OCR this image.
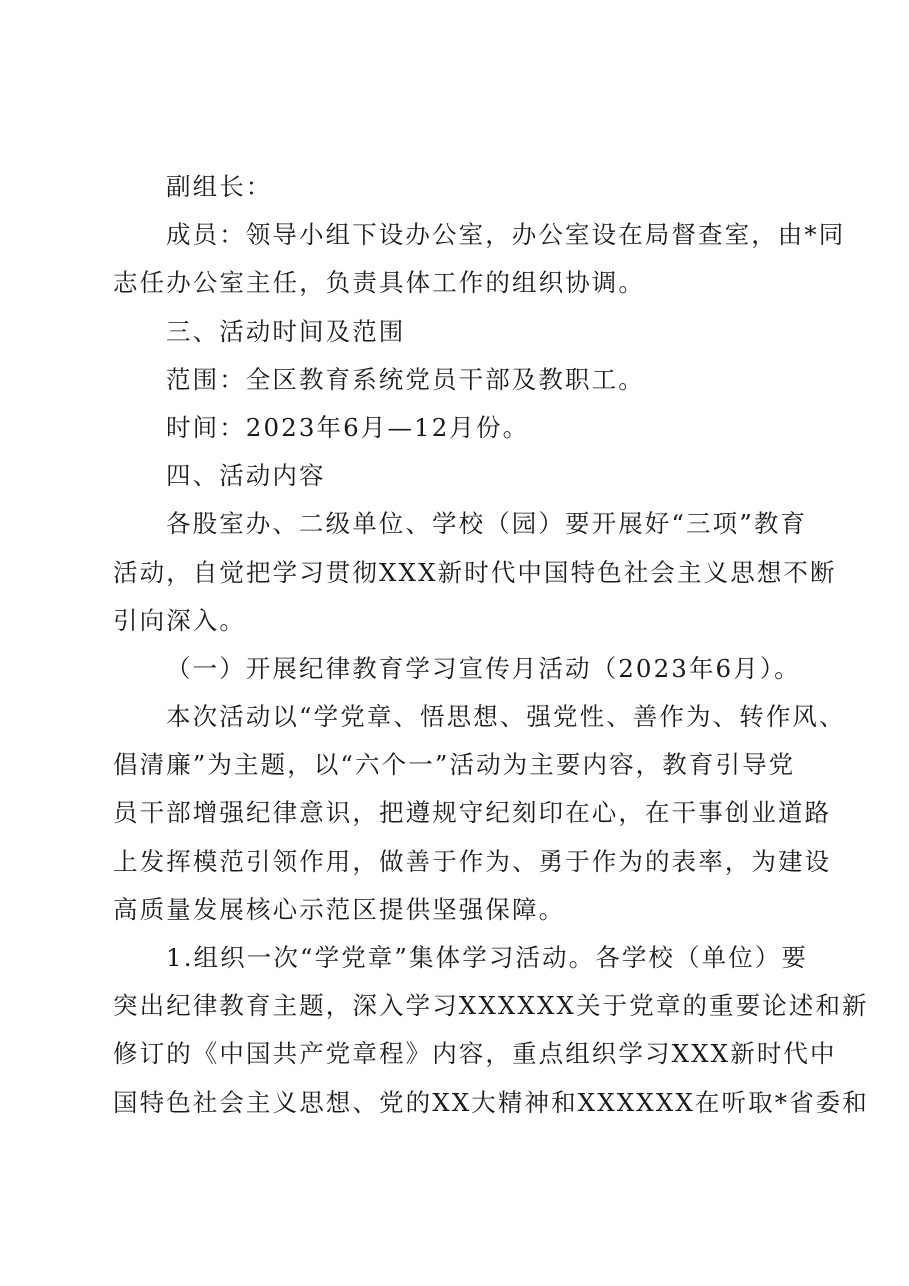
副组长：
成员：领导小组下设办公室，办公室设在局督查室，由*同
志任办公室主任，负责具体工作的组织协调。
三、活动时间及范围
范围：全区教育系统党员干部及教职工。
时间：2023年6月—12月份。
四、活动内容
各股室办、二级单位、学校（园）要开展好“三项”教育
活动，自觉把学习贯彻XXX新时代中国特色社会主义思想不断
引向深入。
（一）开展纪律教育学习宣传月活动（2023年6月）。
本次活动以“学党章、悟思想、强党性、善作为、转作风、
倡清廉”为主题，以“六个一”活动为主要内容，教育引导党
员干部增强纪律意识，把遵规守纪刻印在心，在干事创业道路
上发挥模范引领作用，做善于作为、勇于作为的表率，为建设
高质量发展核心示范区提供坚强保障。
1.组织一次“学党章”集体学习活动。各学校（单位）要
突出纪律教育主题，深入学习XXXXXX关于党章的重要论述和新
修订的《中国共产党章程》内容，重点组织学习XXX新时代中
国特色社会主义思想、党的XX大精神和XXXXXX在听取*省委和
